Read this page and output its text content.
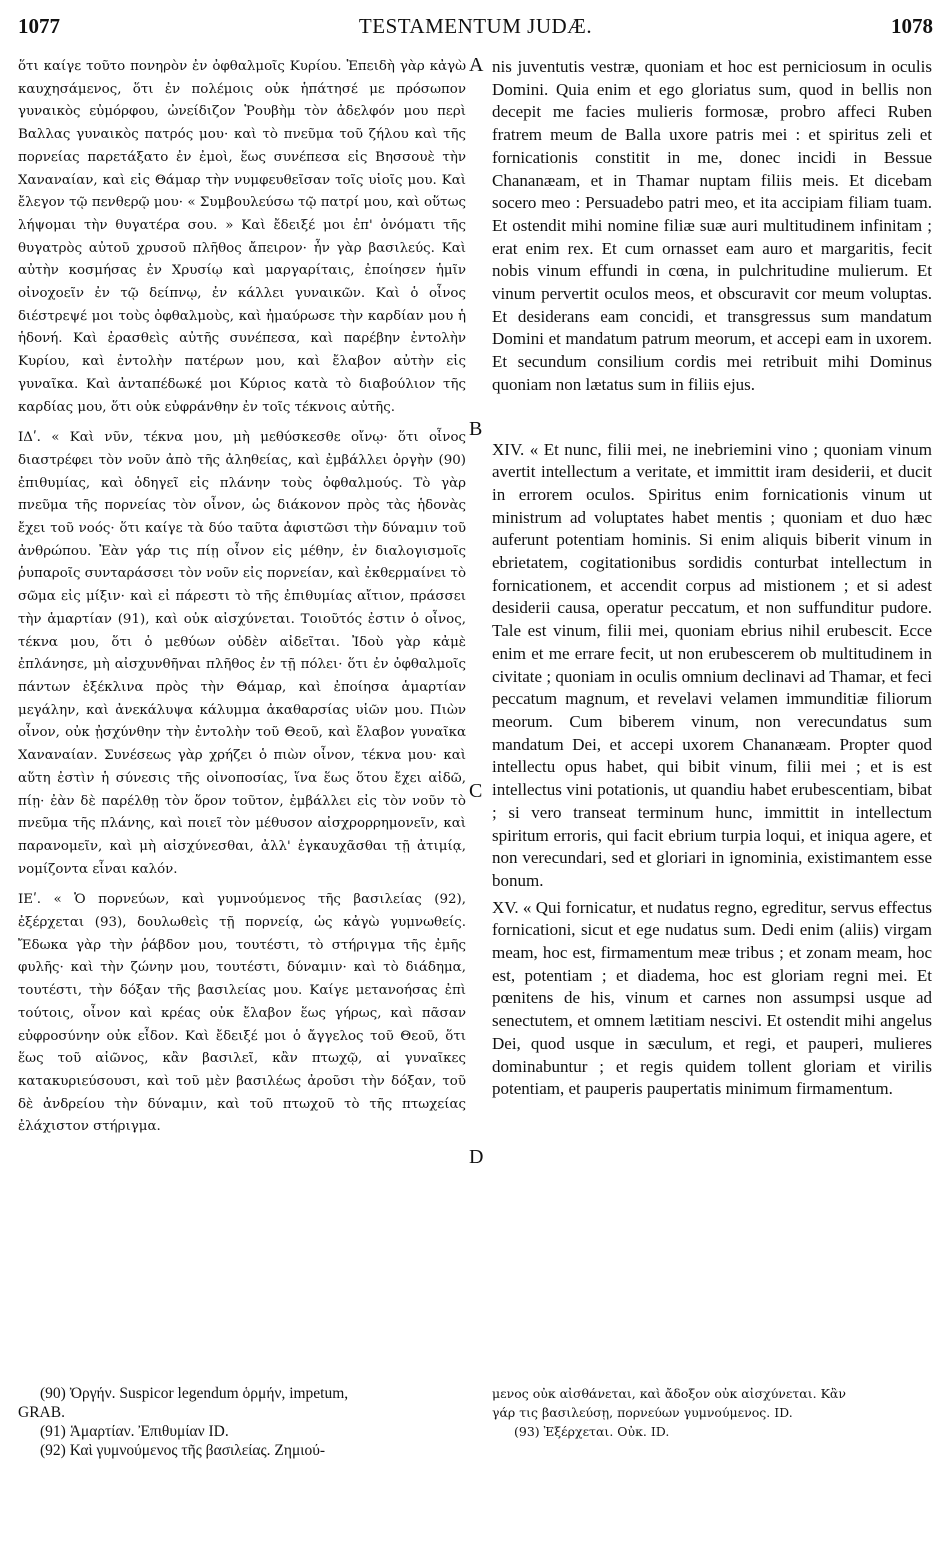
1077	TESTAMENTUM JUDÆ.	1078

ὅτι καίγε τοῦτο πονηρὸν ἐν ὀφθαλμοῖς Κυρίου. Ἐπειδὴ γὰρ κἀγὼ καυχησάμενος, ὅτι ἐν πολέμοις οὐκ ἡπάτησέ με πρόσωπον γυναικὸς εὐμόρφου, ὠνείδιζον Ῥουβὴμ τὸν ἀδελφόν μου περὶ Βαλλας γυναικὸς πατρός μου· καὶ τὸ πνεῦμα τοῦ ζήλου καὶ τῆς πορνείας παρετάξατο ἐν ἐμοὶ, ἕως συνέπεσα εἰς Βησσουὲ τὴν Χαναναίαν, καὶ εἰς Θάμαρ τὴν νυμφευθεῖσαν τοῖς υἱοῖς μου. Καὶ ἔλεγον τῷ πενθερῷ μου· « Συμβουλεύσω τῷ πατρί μου, καὶ οὕτως λήψομαι τὴν θυγατέρα σου. » Καὶ ἔδειξέ μοι ἐπ' ὀνόματι τῆς θυγατρὸς αὐτοῦ χρυσοῦ πλῆθος ἄπειρον· ἦν γὰρ βασιλεύς. Καὶ αὐτὴν κοσμήσας ἐν Χρυσίῳ καὶ μαργαρίταις, ἐποίησεν ἡμῖν οἰνοχοεῖν ἐν τῷ δείπνῳ, ἐν κάλλει γυναικῶν. Καὶ ὁ οἶνος διέστρεψέ μοι τοὺς ὀφθαλμοὺς, καὶ ἠμαύρωσε τὴν καρδίαν μου ἡ ἡδονή. Καὶ ἐρασθεὶς αὐτῆς συνέπεσα, καὶ παρέβην ἐντολὴν Κυρίου, καὶ ἐντολὴν πατέρων μου, καὶ ἔλαβον αὐτὴν εἰς γυναῖκα. Καὶ ἀνταπέδωκέ μοι Κύριος κατὰ τὸ διαβούλιον τῆς καρδίας μου, ὅτι οὐκ εὐφράνθην ἐν τοῖς τέκνοις αὐτῆς.

ΙΔʹ. « Καὶ νῦν, τέκνα μου, μὴ μεθύσκεσθε οἴνῳ· ὅτι οἶνος διαστρέφει τὸν νοῦν ἀπὸ τῆς ἀληθείας, καὶ ἐμβάλλει ὀργὴν (90) ἐπιθυμίας, καὶ ὁδηγεῖ εἰς πλάνην τοὺς ὀφθαλμούς. Τὸ γὰρ πνεῦμα τῆς πορνείας τὸν οἶνον, ὡς διάκονον πρὸς τὰς ἡδονὰς ἔχει τοῦ νοός· ὅτι καίγε τὰ δύο ταῦτα ἀφιστῶσι τὴν δύναμιν τοῦ ἀνθρώπου. Ἐὰν γάρ τις πίῃ οἶνον εἰς μέθην, ἐν διαλογισμοῖς ῥυπαροῖς συνταράσσει τὸν νοῦν εἰς πορνείαν, καὶ ἐκθερμαίνει τὸ σῶμα εἰς μίξιν· καὶ εἰ πάρεστι τὸ τῆς ἐπιθυμίας αἴτιον, πράσσει τὴν ἁμαρτίαν (91), καὶ οὐκ αἰσχύνεται. Τοιοῦτός ἐστιν ὁ οἶνος, τέκνα μου, ὅτι ὁ μεθύων οὐδὲν αἰδεῖται. Ἰδοὺ γὰρ κἀμὲ ἐπλάνησε, μὴ αἰσχυνθῆναι πλῆθος ἐν τῇ πόλει· ὅτι ἐν ὀφθαλμοῖς πάντων ἐξέκλινα πρὸς τὴν Θάμαρ, καὶ ἐποίησα ἁμαρτίαν μεγάλην, καὶ ἀνεκάλυψα κάλυμμα ἀκαθαρσίας υἱῶν μου. Πιὼν οἶνον, οὐκ ᾐσχύνθην τὴν ἐντολὴν τοῦ Θεοῦ, καὶ ἔλαβον γυναῖκα Χαναναίαν. Συνέσεως γὰρ χρήζει ὁ πιὼν οἶνον, τέκνα μου· καὶ αὕτη ἐστὶν ἡ σύνεσις τῆς οἰνοποσίας, ἵνα ἕως ὅτου ἔχει αἰδῶ, πίῃ· ἐὰν δὲ παρέλθῃ τὸν ὅρον τοῦτον, ἐμβάλλει εἰς τὸν νοῦν τὸ πνεῦμα τῆς πλάνης, καὶ ποιεῖ τὸν μέθυσον αἰσχρορρημονεῖν, καὶ παρανομεῖν, καὶ μὴ αἰσχύνεσθαι, ἀλλ' ἐγκαυχᾶσθαι τῇ ἀτιμίᾳ, νομίζοντα εἶναι καλόν.

ΙΕʹ. « Ὁ πορνεύων, καὶ γυμνούμενος τῆς βασιλείας (92), ἐξέρχεται (93), δουλωθεὶς τῇ πορνείᾳ, ὡς κἀγὼ γυμνωθείς. Ἔδωκα γὰρ τὴν ῥάβδον μου, τουτέστι, τὸ στήριγμα τῆς ἐμῆς φυλῆς· καὶ τὴν ζώνην μου, τουτέστι, δύναμιν· καὶ τὸ διάδημα, τουτέστι, τὴν δόξαν τῆς βασιλείας μου. Καίγε μετανοήσας ἐπὶ τούτοις, οἶνον καὶ κρέας οὐκ ἔλαβον ἕως γήρως, καὶ πᾶσαν εὐφροσύνην οὐκ εἶδον. Καὶ ἔδειξέ μοι ὁ ἄγγελος τοῦ Θεοῦ, ὅτι ἕως τοῦ αἰῶνος, κἂν βασιλεῖ, κἂν πτωχῷ, αἱ γυναῖκες κατακυριεύσουσι, καὶ τοῦ μὲν βασιλέως ἀροῦσι τὴν δόξαν, τοῦ δὲ ἀνδρείου τὴν δύναμιν, καὶ τοῦ πτωχοῦ τὸ τῆς πτωχείας ἐλάχιστον στήριγμα.

A
B
C
D

nis juventutis vestræ, quoniam et hoc est perniciosum in oculis Domini. Quia enim et ego gloriatus sum, quod in bellis non decepit me facies mulieris formosæ, probro affeci Ruben fratrem meum de Balla uxore patris mei : et spiritus zeli et fornicationis constitit in me, donec incidi in Bessue Chananæam, et in Thamar nuptam filiis meis. Et dicebam socero meo : Persuadebo patri meo, et ita accipiam filiam tuam. Et ostendit mihi nomine filiæ suæ auri multitudinem infinitam ; erat enim rex. Et cum ornasset eam auro et margaritis, fecit nobis vinum effundi in cœna, in pulchritudine mulierum. Et vinum pervertit oculos meos, et obscuravit cor meum voluptas. Et desiderans eam concidi, et transgressus sum mandatum Domini et mandatum patrum meorum, et accepi eam in uxorem. Et secundum consilium cordis mei retribuit mihi Dominus quoniam non lætatus sum in filiis ejus.

XIV. « Et nunc, filii mei, ne inebriemini vino ; quoniam vinum avertit intellectum a veritate, et immittit iram desiderii, et ducit in errorem oculos. Spiritus enim fornicationis vinum ut ministrum ad voluptates habet mentis ; quoniam et duo hæc auferunt potentiam hominis. Si enim aliquis biberit vinum in ebrietatem, cogitationibus sordidis conturbat intellectum in fornicationem, et accendit corpus ad mistionem ; et si adest desiderii causa, operatur peccatum, et non suffunditur pudore. Tale est vinum, filii mei, quoniam ebrius nihil erubescit. Ecce enim et me errare fecit, ut non erubescerem ob multitudinem in civitate ; quoniam in oculis omnium declinavi ad Thamar, et feci peccatum magnum, et revelavi velamen immunditiæ filiorum meorum. Cum biberem vinum, non verecundatus sum mandatum Dei, et accepi uxorem Chananæam. Propter quod intellectu opus habet, qui bibit vinum, filii mei ; et is est intellectus vini potationis, ut quandiu habet erubescentiam, bibat ; si vero transeat terminum hunc, immittit in intellectum spiritum erroris, qui facit ebrium turpia loqui, et iniqua agere, et non verecundari, sed et gloriari in ignominia, existimantem esse bonum.

XV. « Qui fornicatur, et nudatus regno, egreditur, servus effectus fornicationi, sicut et ege nudatus sum. Dedi enim (aliis) virgam meam, hoc est, firmamentum meæ tribus ; et zonam meam, hoc est, potentiam ; et diadema, hoc est gloriam regni mei. Et pœnitens de his, vinum et carnes non assumpsi usque ad senectutem, et omnem lætitiam nescivi. Et ostendit mihi angelus Dei, quod usque in sæculum, et regi, et pauperi, mulieres dominabuntur ; et regis quidem tollent gloriam et virilis potentiam, et pauperis paupertatis minimum firmamentum.

(90) Ὀργήν. Suspicor legendum ὁρμήν, impetum,
GRAB.
(91) Ἁμαρτίαν. Ἐπιθυμίαν ID.
(92) Καὶ γυμνούμενος τῆς βασιλείας. Ζημιού-
μενος οὐκ αἰσθάνεται, καὶ ἄδοξον οὐκ αἰσχύνεται. Κἂν
γάρ τις βασιλεύσῃ, πορνεύων γυμνούμενος. ID.
(93) Ἐξέρχεται. Οὐκ. ID.
